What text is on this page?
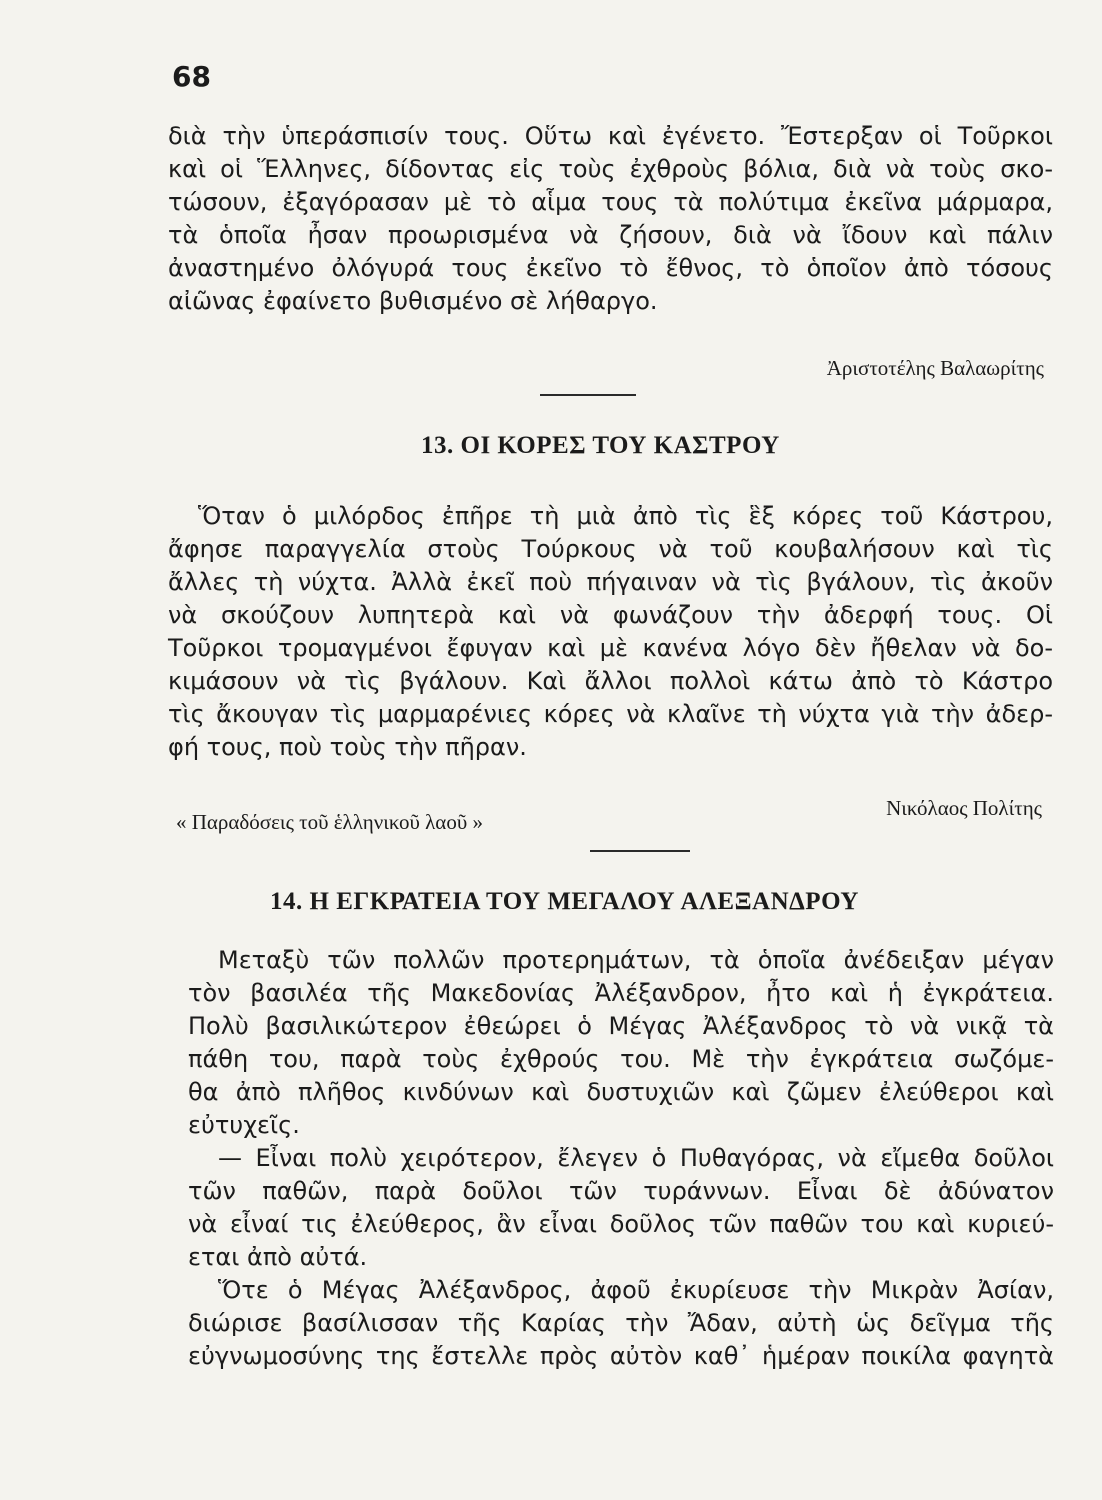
68
διὰ τὴν ὑπεράσπισίν τους. Οὕτω καὶ ἐγένετο. Ἔστερξαν οἱ Τοῦρκοι
καὶ οἱ Ἕλληνες, δίδοντας εἰς τοὺς ἐχθροὺς βόλια, διὰ νὰ τοὺς σκο-
τώσουν, ἐξαγόρασαν μὲ τὸ αἷμα τους τὰ πολύτιμα ἐκεῖνα μάρμαρα,
τὰ ὁποῖα ἦσαν προωρισμένα νὰ ζήσουν, διὰ νὰ ἴδουν καὶ πάλιν
ἀναστημένο ὀλόγυρά τους ἐκεῖνο τὸ ἔθνος, τὸ ὁποῖον ἀπὸ τόσους
αἰῶνας ἐφαίνετο βυθισμένο σὲ λήθαργο.
Ἀριστοτέλης Βαλαωρίτης
13. ΟΙ ΚΟΡΕΣ ΤΟΥ ΚΑΣΤΡΟΥ
Ὅταν ὁ μιλόρδος ἐπῆρε τὴ μιὰ ἀπὸ τὶς ἓξ κόρες τοῦ Κάστρου,
ἄφησε παραγγελία στοὺς Τούρκους νὰ τοῦ κουβαλήσουν καὶ τὶς
ἄλλες τὴ νύχτα. Ἀλλὰ ἐκεῖ ποὺ πήγαιναν νὰ τὶς βγάλουν, τὶς ἀκοῦν
νὰ σκούζουν λυπητερὰ καὶ νὰ φωνάζουν τὴν ἀδερφή τους. Οἱ
Τοῦρκοι τρομαγμένοι ἔφυγαν καὶ μὲ κανένα λόγο δὲν ἤθελαν νὰ δο-
κιμάσουν νὰ τὶς βγάλουν. Καὶ ἄλλοι πολλοὶ κάτω ἀπὸ τὸ Κάστρο
τὶς ἄκουγαν τὶς μαρμαρένιες κόρες νὰ κλαῖνε τὴ νύχτα γιὰ τὴν ἀδερ-
φή τους, ποὺ τοὺς τὴν πῆραν.
« Παραδόσεις τοῦ ἑλληνικοῦ λαοῦ »
Νικόλαος Πολίτης
14. Η ΕΓΚΡΑΤΕΙΑ ΤΟΥ ΜΕΓΑΛΟΥ ΑΛΕΞΑΝΔΡΟΥ
Μεταξὺ τῶν πολλῶν προτερημάτων, τὰ ὁποῖα ἀνέδειξαν μέγαν
τὸν βασιλέα τῆς Μακεδονίας Ἀλέξανδρον, ἦτο καὶ ἡ ἐγκράτεια.
Πολὺ βασιλικώτερον ἐθεώρει ὁ Μέγας Ἀλέξανδρος τὸ νὰ νικᾷ τὰ
πάθη του, παρὰ τοὺς ἐχθρούς του. Μὲ τὴν ἐγκράτεια σωζόμε-
θα ἀπὸ πλῆθος κινδύνων καὶ δυστυχιῶν καὶ ζῶμεν ἐλεύθεροι καὶ
εὐτυχεῖς.
— Εἶναι πολὺ χειρότερον, ἔλεγεν ὁ Πυθαγόρας, νὰ εἴμεθα δοῦλοι
τῶν παθῶν, παρὰ δοῦλοι τῶν τυράννων. Εἶναι δὲ ἀδύνατον
νὰ εἶναί τις ἐλεύθερος, ἂν εἶναι δοῦλος τῶν παθῶν του καὶ κυριεύ-
εται ἀπὸ αὐτά.
Ὅτε ὁ Μέγας Ἀλέξανδρος, ἀφοῦ ἐκυρίευσε τὴν Μικρὰν Ἀσίαν,
διώρισε βασίλισσαν τῆς Καρίας τὴν Ἄδαν, αὐτὴ ὡς δεῖγμα τῆς
εὐγνωμοσύνης της ἔστελλε πρὸς αὐτὸν καθ᾽ ἡμέραν ποικίλα φαγητὰ
